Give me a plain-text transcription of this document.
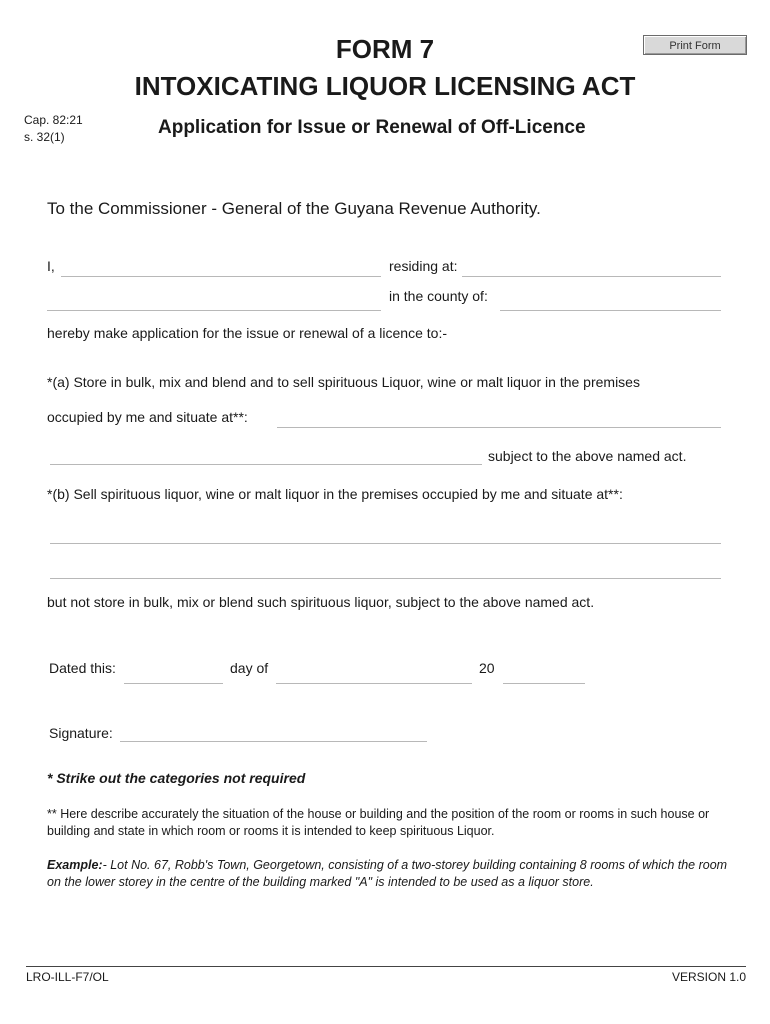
FORM 7
INTOXICATING LIQUOR LICENSING ACT
Print Form
Cap. 82:21
s. 32(1)	Application for Issue or Renewal of Off-Licence
To the Commissioner - General of the Guyana Revenue Authority.
I,	residing at:
in the county of:
hereby make application for the issue or renewal of a licence to:-
*(a) Store in bulk, mix and blend and to sell spirituous Liquor, wine or malt liquor in the premises
occupied by me and situate at**:
subject to the above named act.
*(b) Sell spirituous liquor, wine or malt liquor in the premises occupied by me and situate at**:
but not store in bulk, mix or blend such spirituous liquor, subject to the above named act.
Dated this:	day of	20
Signature:
* Strike out the categories not required
** Here describe accurately the situation of the house or building and the position of the room or rooms in such house or building and state in which room or rooms it is intended to keep spirituous Liquor.
Example:- Lot No. 67, Robb's Town, Georgetown, consisting of a two-storey building containing 8 rooms of which the room on the lower storey in the centre of the building marked "A" is intended to be used as a liquor store.
LRO-ILL-F7/OL	VERSION 1.0
